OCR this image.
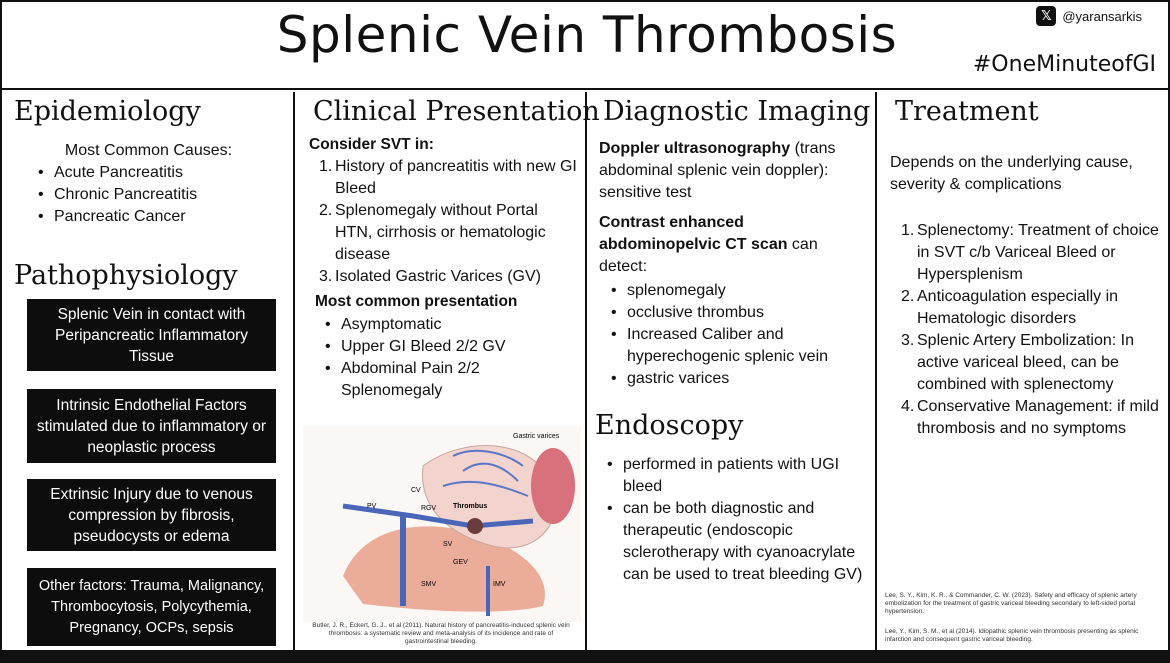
Splenic Vein Thrombosis	𝕏 @yaransarkis
#OneMinuteofGI
Epidemiology
Most Common Causes:
• Acute Pancreatitis
• Chronic Pancreatitis
• Pancreatic Cancer
Pathophysiology
Splenic Vein in contact with Peripancreatic Inflammatory Tissue
Intrinsic Endothelial Factors stimulated due to inflammatory or neoplastic process
Extrinsic Injury due to venous compression by fibrosis, pseudocysts or edema
Other factors: Trauma, Malignancy, Thrombocytosis, Polycythemia, Pregnancy, OCPs, sepsis
Clinical Presentation
Consider SVT in:
1. History of pancreatitis with new GI Bleed
2. Splenomegaly without Portal HTN, cirrhosis or hematologic disease
3. Isolated Gastric Varices (GV)
Most common presentation
• Asymptomatic
• Upper GI Bleed 2/2 GV
• Abdominal Pain 2/2 Splenomegaly
Gastric varices
CV
PV	RGV Thrombus
SV
GEV
SMV	IMV
Butler, J. R., Eckert, G. J., et al (2011). Natural history of pancreatitis-induced splenic vein thrombosis: a systematic review and meta-analysis of its incidence and rate of gastrointestinal bleeding.
Diagnostic Imaging
Doppler ultrasonography (trans abdominal splenic vein doppler): sensitive test
Contrast enhanced abdominopelvic CT scan can detect:
• splenomegaly
• occlusive thrombus
• Increased Caliber and hyperechogenic splenic vein
• gastric varices
Endoscopy
• performed in patients with UGI bleed
• can be both diagnostic and therapeutic (endoscopic sclerotherapy with cyanoacrylate can be used to treat bleeding GV)
Treatment
Depends on the underlying cause, severity & complications
1. Splenectomy: Treatment of choice in SVT c/b Variceal Bleed or Hypersplenism
2. Anticoagulation especially in Hematologic disorders
3. Splenic Artery Embolization: In active variceal bleed, can be combined with splenectomy
4. Conservative Management: if mild thrombosis and no symptoms
Lee, S. Y., Kim, K. R., & Commander, C. W. (2023). Safety and efficacy of splenic artery embolization for the treatment of gastric variceal bleeding secondary to left-sided portal hypertension.
Lee, Y., Kim, S. M., et al (2014). Idiopathic splenic vein thrombosis presenting as splenic infarction and consequent gastric variceal bleeding.
